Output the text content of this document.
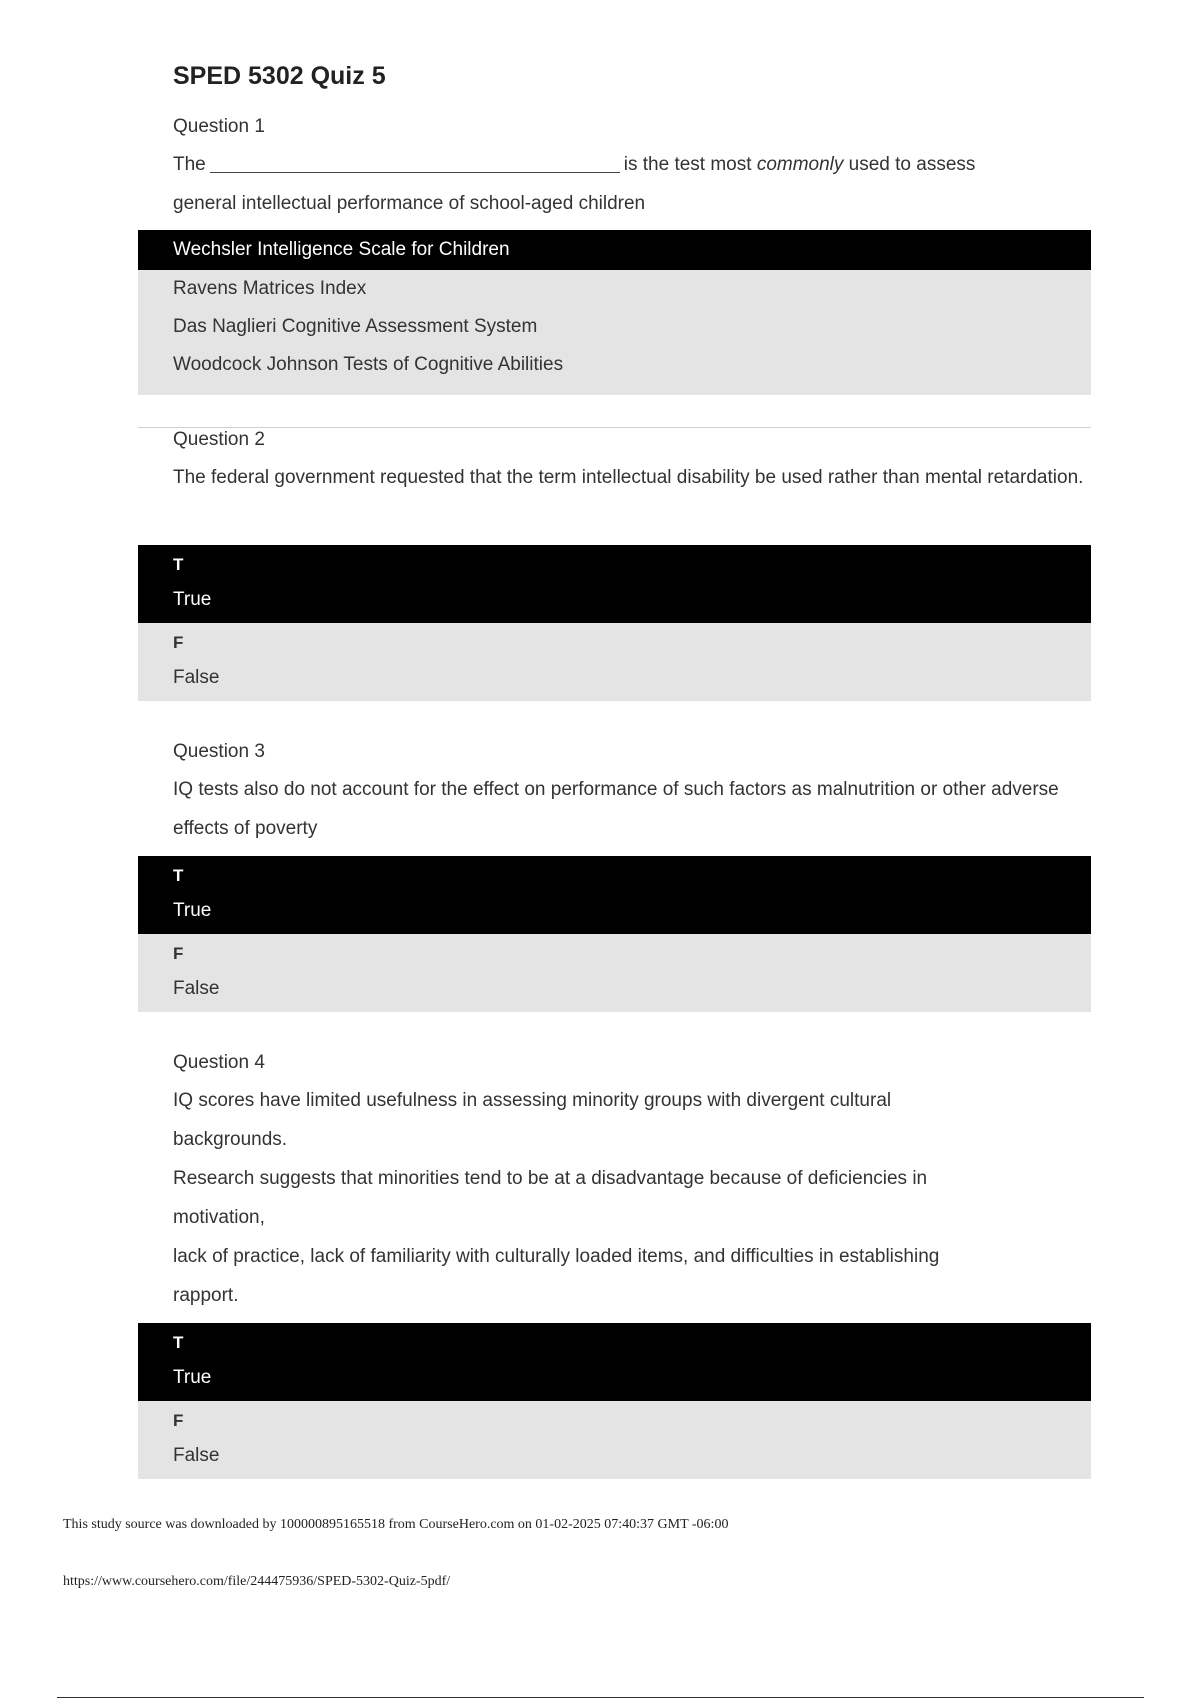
SPED 5302 Quiz 5
Question 1
The	is the test most commonly used to assess
general intellectual performance of school-aged children
Wechsler Intelligence Scale for Children
Ravens Matrices Index
Das Naglieri Cognitive Assessment System
Woodcock Johnson Tests of Cognitive Abilities
Question 2

The federal government requested that the term intellectual disability be used rather than mental retardation.

T
True
F
False
Question 3

IQ tests also do not account for the effect on performance of such factors as malnutrition or other adverse effects of poverty

T
True
F
False
Question 4
IQ scores have limited usefulness in assessing minority groups with divergent cultural
backgrounds.
Research suggests that minorities tend to be at a disadvantage because of deficiencies in
motivation,
lack of practice, lack of familiarity with culturally loaded items, and difficulties in establishing
rapport.
T
True
F
False
This study source was downloaded by 100000895165518 from CourseHero.com on 01-02-2025 07:40:37 GMT -06:00
https://www.coursehero.com/file/244475936/SPED-5302-Quiz-5pdf/
